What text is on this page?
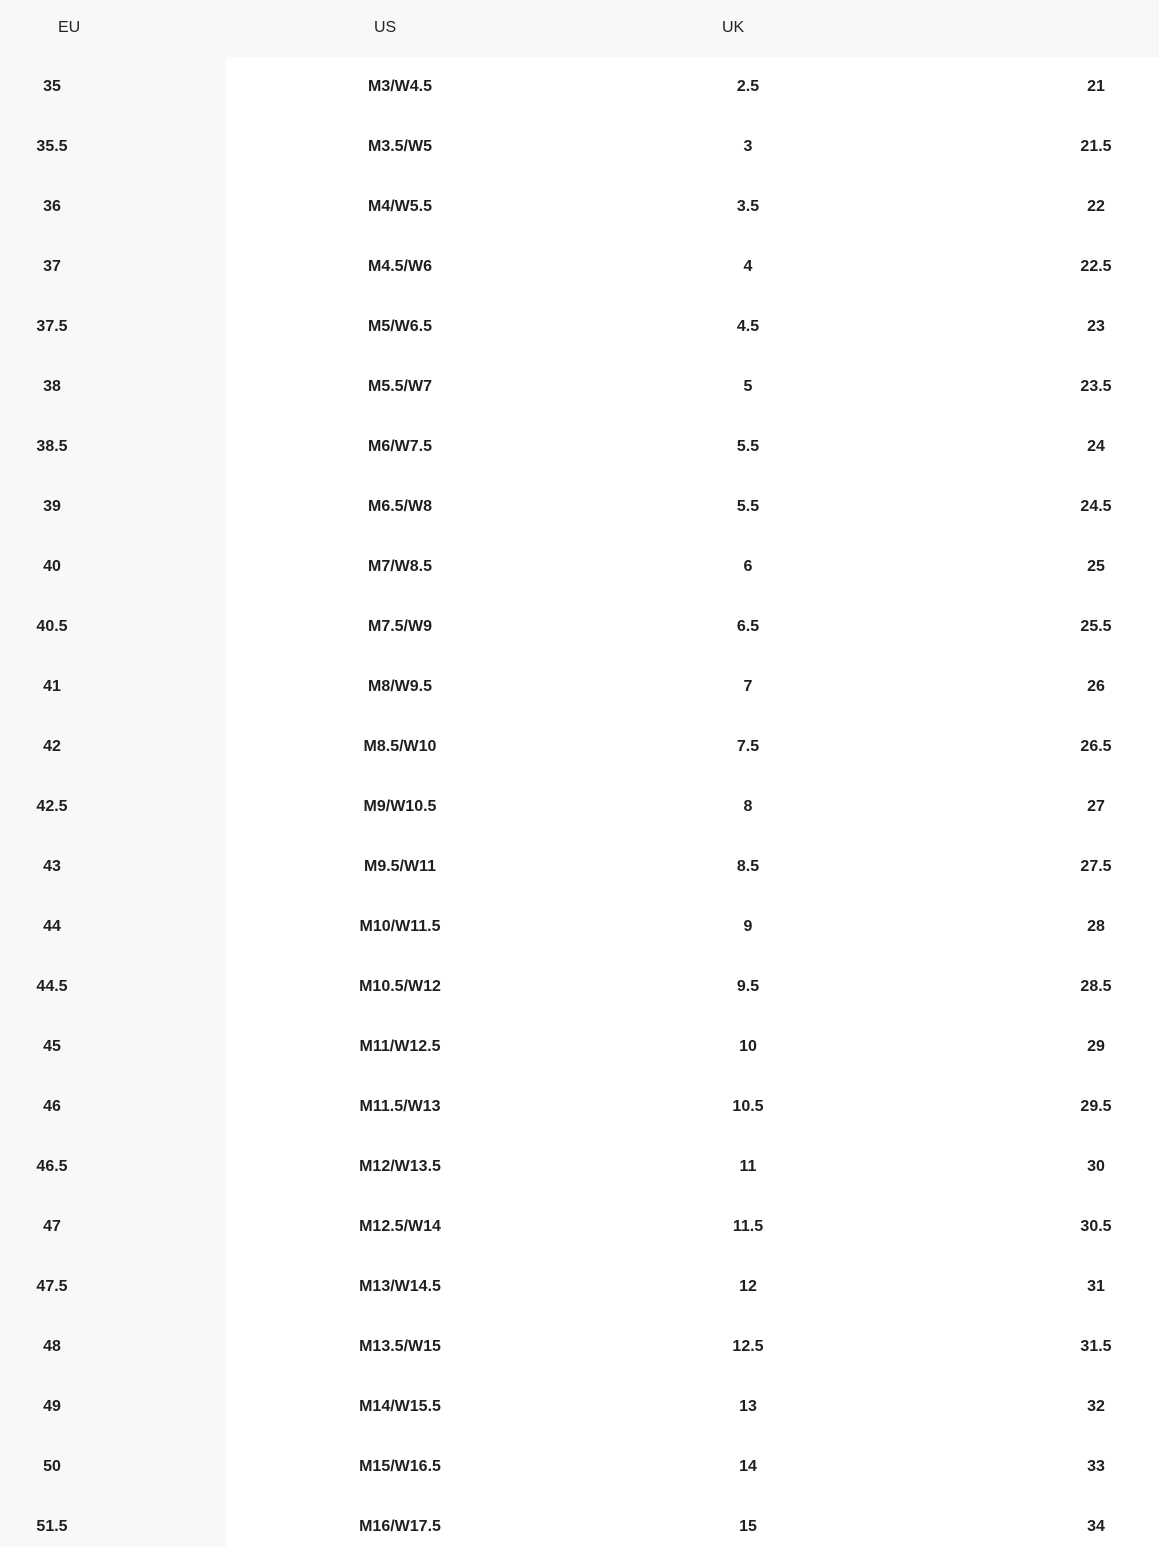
EU	US	UK
35	M3/W4.5	2.5	21
35.5	M3.5/W5	3	21.5
36	M4/W5.5	3.5	22
37	M4.5/W6	4	22.5
37.5	M5/W6.5	4.5	23
38	M5.5/W7	5	23.5
38.5	M6/W7.5	5.5	24
39	M6.5/W8	5.5	24.5
40	M7/W8.5	6	25
40.5	M7.5/W9	6.5	25.5
41	M8/W9.5	7	26
42	M8.5/W10	7.5	26.5
42.5	M9/W10.5	8	27
43	M9.5/W11	8.5	27.5
44	M10/W11.5	9	28
44.5	M10.5/W12	9.5	28.5
45	M11/W12.5	10	29
46	M11.5/W13	10.5	29.5
46.5	M12/W13.5	11	30
47	M12.5/W14	11.5	30.5
47.5	M13/W14.5	12	31
48	M13.5/W15	12.5	31.5
49	M14/W15.5	13	32
50	M15/W16.5	14	33
51.5	M16/W17.5	15	34
